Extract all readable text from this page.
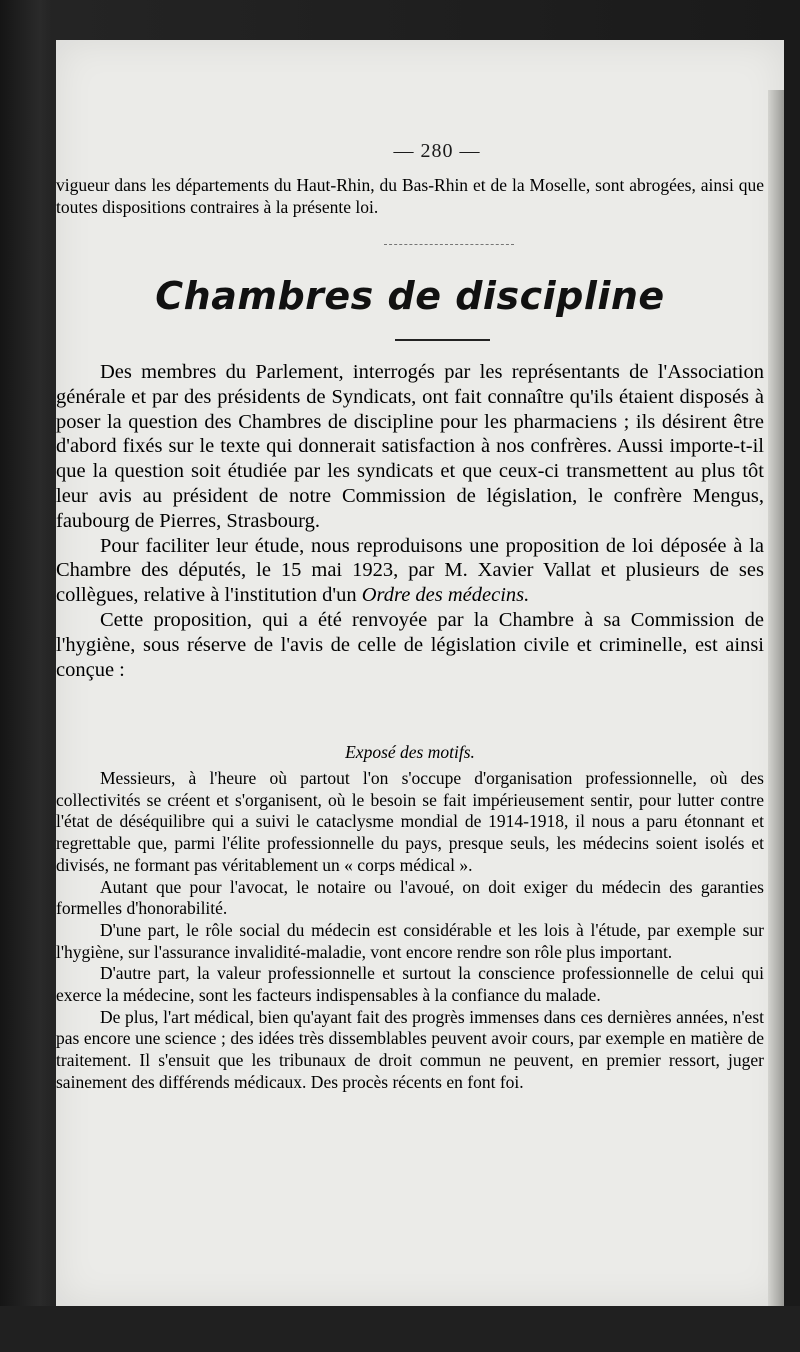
— 280 —
vigueur dans les départements du Haut-Rhin, du Bas-Rhin et de la Moselle, sont abrogées, ainsi que toutes dispositions contraires à la présente loi.
Chambres de discipline

Des membres du Parlement, interrogés par les représentants de l'Association générale et par des présidents de Syndicats, ont fait connaître qu'ils étaient disposés à poser la question des Chambres de discipline pour les pharmaciens ; ils désirent être d'abord fixés sur le texte qui donnerait satisfaction à nos confrères. Aussi importe-t-il que la question soit étudiée par les syndicats et que ceux-ci transmettent au plus tôt leur avis au président de notre Commission de législation, le confrère Mengus, faubourg de Pierres, Strasbourg.

Pour faciliter leur étude, nous reproduisons une proposition de loi déposée à la Chambre des députés, le 15 mai 1923, par M. Xavier Vallat et plusieurs de ses collègues, relative à l'institution d'un Ordre des médecins.

Cette proposition, qui a été renvoyée par la Chambre à sa Commission de l'hygiène, sous réserve de l'avis de celle de législation civile et criminelle, est ainsi conçue :

Exposé des motifs.

Messieurs, à l'heure où partout l'on s'occupe d'organisation professionnelle, où des collectivités se créent et s'organisent, où le besoin se fait impérieusement sentir, pour lutter contre l'état de déséquilibre qui a suivi le cataclysme mondial de 1914-1918, il nous a paru étonnant et regrettable que, parmi l'élite professionnelle du pays, presque seuls, les médecins soient isolés et divisés, ne formant pas véritablement un « corps médical ».

Autant que pour l'avocat, le notaire ou l'avoué, on doit exiger du médecin des garanties formelles d'honorabilité.

D'une part, le rôle social du médecin est considérable et les lois à l'étude, par exemple sur l'hygiène, sur l'assurance invalidité-maladie, vont encore rendre son rôle plus important.

D'autre part, la valeur professionnelle et surtout la conscience professionnelle de celui qui exerce la médecine, sont les facteurs indispensables à la confiance du malade.

De plus, l'art médical, bien qu'ayant fait des progrès immenses dans ces dernières années, n'est pas encore une science ; des idées très dissemblables peuvent avoir cours, par exemple en matière de traitement. Il s'ensuit que les tribunaux de droit commun ne peuvent, en premier ressort, juger sainement des différends médicaux. Des procès récents en font foi.
